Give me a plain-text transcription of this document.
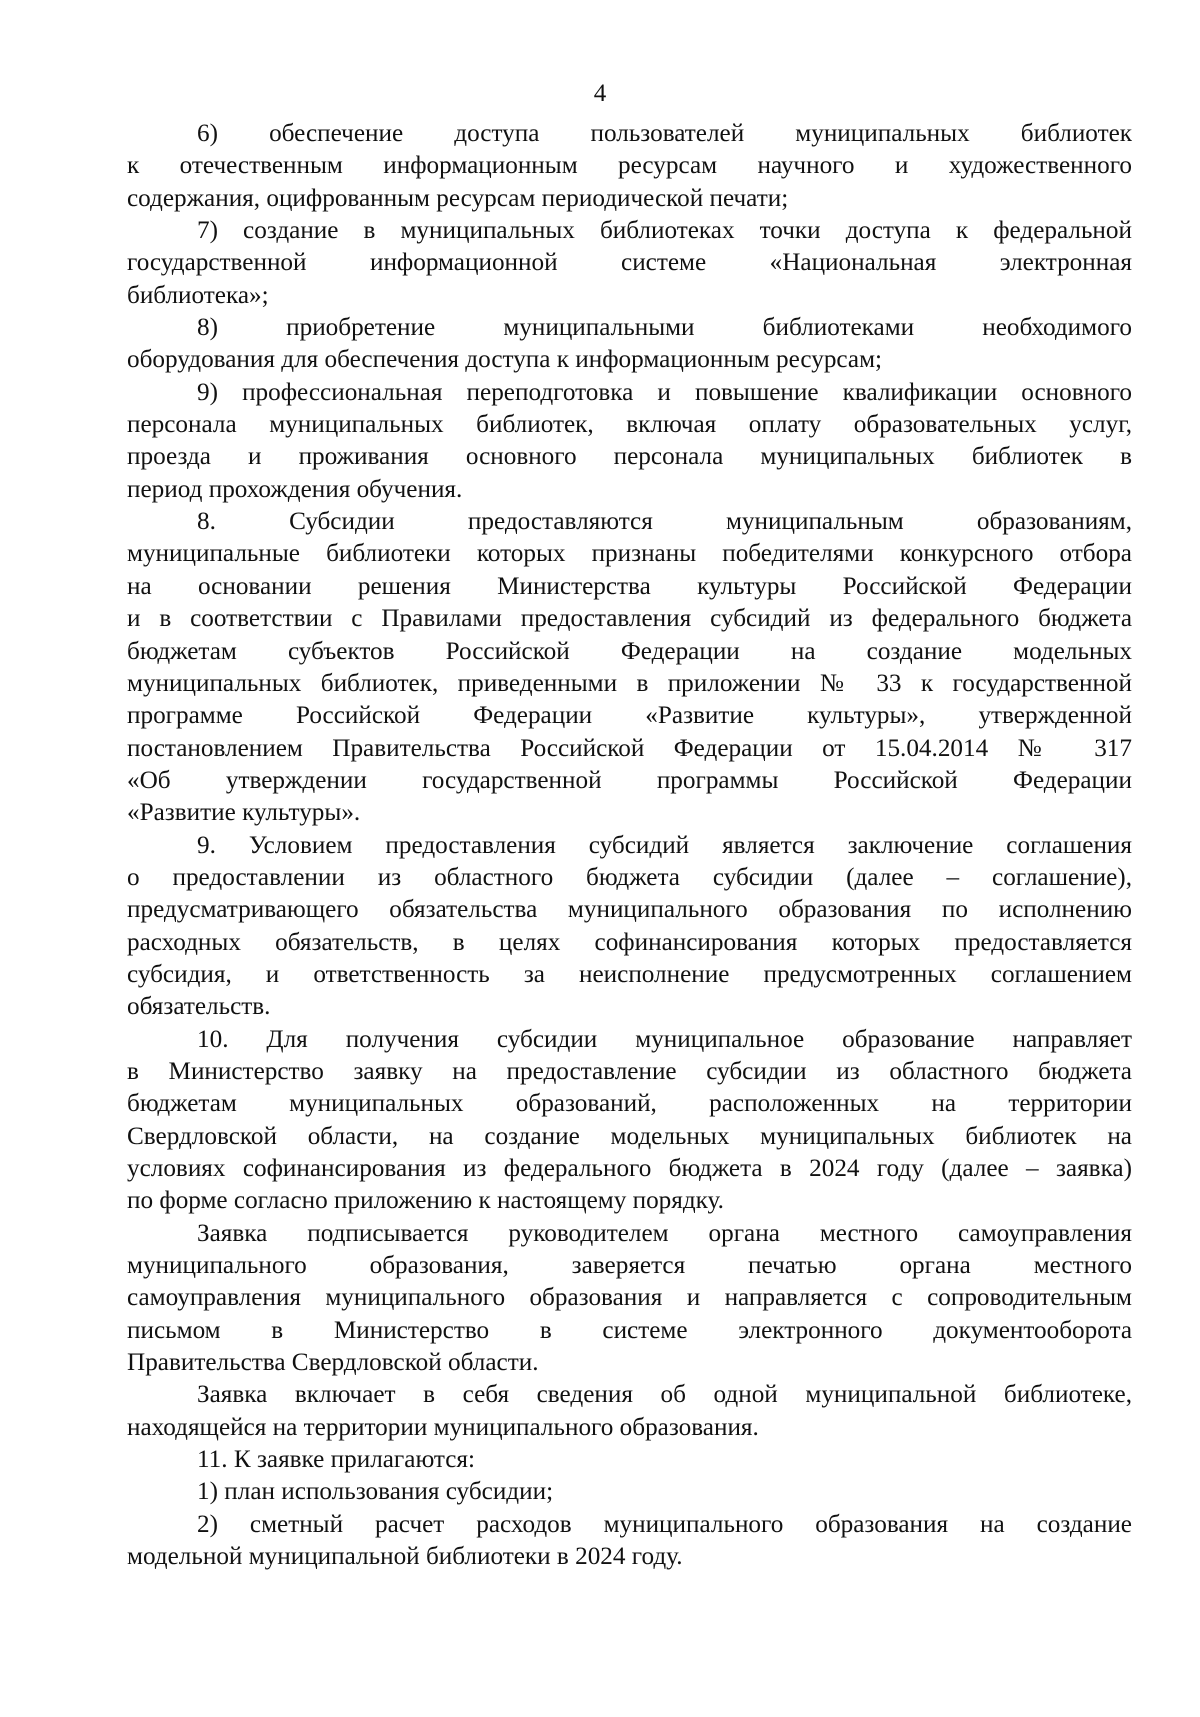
4
6) обеспечение доступа пользователей муниципальных библиотек
к отечественным информационным ресурсам научного и художественного
содержания, оцифрованным ресурсам периодической печати;
7) создание в муниципальных библиотеках точки доступа к федеральной
государственной информационной системе «Национальная электронная
библиотека»;
8) приобретение муниципальными библиотеками необходимого
оборудования для обеспечения доступа к информационным ресурсам;
9) профессиональная переподготовка и повышение квалификации основного
персонала муниципальных библиотек, включая оплату образовательных услуг,
проезда и проживания основного персонала муниципальных библиотек в
период прохождения обучения.
8. Субсидии предоставляются муниципальным образованиям,
муниципальные библиотеки которых признаны победителями конкурсного отбора
на основании решения Министерства культуры Российской Федерации
и в соответствии с Правилами предоставления субсидий из федерального бюджета
бюджетам субъектов Российской Федерации на создание модельных
муниципальных библиотек, приведенными в приложении № 33 к государственной
программе Российской Федерации «Развитие культуры», утвержденной
постановлением Правительства Российской Федерации от 15.04.2014 № 317
«Об утверждении государственной программы Российской Федерации
«Развитие культуры».
9. Условием предоставления субсидий является заключение соглашения
о предоставлении из областного бюджета субсидии (далее – соглашение),
предусматривающего обязательства муниципального образования по исполнению
расходных обязательств, в целях софинансирования которых предоставляется
субсидия, и ответственность за неисполнение предусмотренных соглашением
обязательств.
10. Для получения субсидии муниципальное образование направляет
в Министерство заявку на предоставление субсидии из областного бюджета
бюджетам муниципальных образований, расположенных на территории
Свердловской области, на создание модельных муниципальных библиотек на
условиях софинансирования из федерального бюджета в 2024 году (далее – заявка)
по форме согласно приложению к настоящему порядку.
Заявка подписывается руководителем органа местного самоуправления
муниципального образования, заверяется печатью органа местного
самоуправления муниципального образования и направляется с сопроводительным
письмом в Министерство в системе электронного документооборота
Правительства Свердловской области.
Заявка включает в себя сведения об одной муниципальной библиотеке,
находящейся на территории муниципального образования.
11. К заявке прилагаются:
1) план использования субсидии;
2) сметный расчет расходов муниципального образования на создание
модельной муниципальной библиотеки в 2024 году.
